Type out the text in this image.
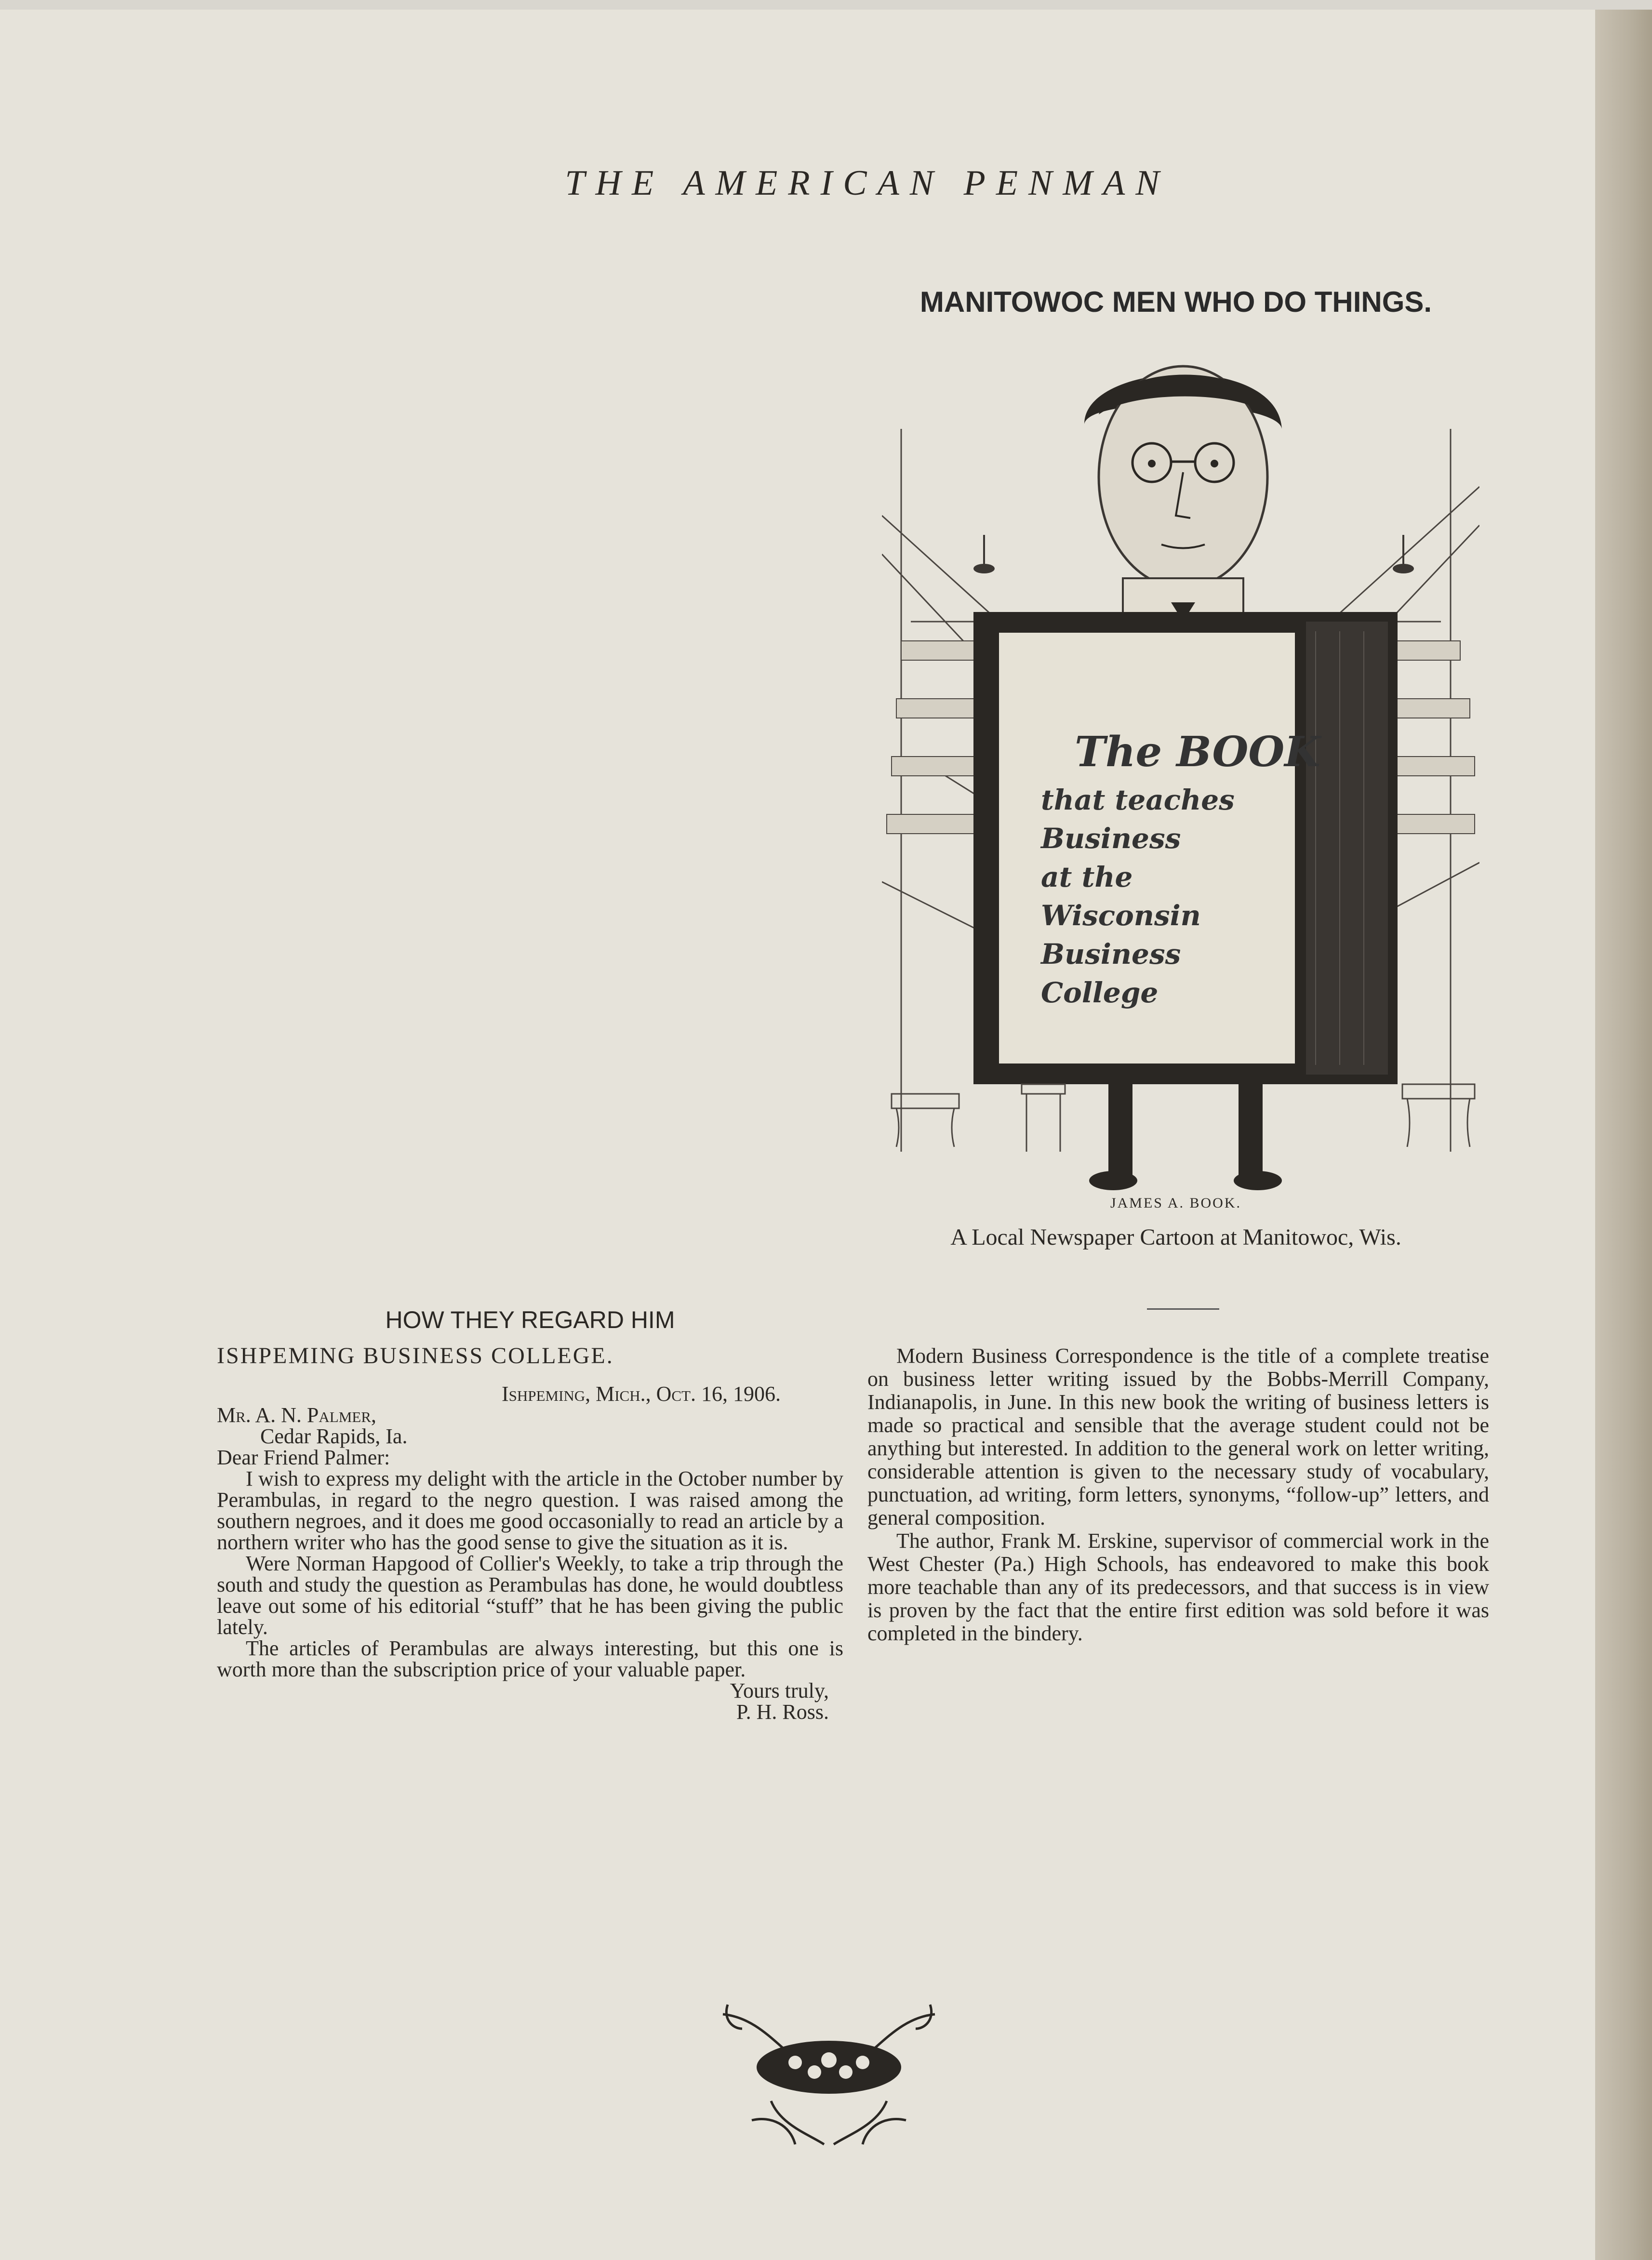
THE AMERICAN PENMAN

HOW THEY REGARD HIM
ISHPEMING BUSINESS COLLEGE.

Ishpeming, Mich., Oct. 16, 1906.

Mr. A. N. Palmer,

Cedar Rapids, Ia.

Dear Friend Palmer:

I wish to express my delight with the article in the October number by Perambulas, in regard to the negro question. I was raised among the southern negroes, and it does me good occasonially to read an article by a northern writer who has the good sense to give the situation as it is.

Were Norman Hapgood of Collier's Weekly, to take a trip through the south and study the question as Perambulas has done, he would doubtless leave out some of his editorial “stuff” that he has been giving the public lately.

The articles of Perambulas are always interesting, but this one is worth more than the subscription price of your valuable paper.

Yours truly,

P. H. Ross.

MANITOWOC MEN WHO DO THINGS.
The BOOK
that teaches
Business
at the
Wisconsin
Business
College
JAMES A. BOOK.
A Local Newspaper Cartoon at Manitowoc, Wis.

Modern Business Correspondence is the title of a complete treatise on business letter writing issued by the Bobbs-Merrill Company, Indianapolis, in June. In this new book the writing of business letters is made so practical and sensible that the average student could not be anything but interested. In addition to the general work on letter writing, considerable attention is given to the necessary study of vocabulary, punctuation, ad writing, form letters, synonyms, “follow-up” letters, and general composition.

The author, Frank M. Erskine, supervisor of commercial work in the West Chester (Pa.) High Schools, has endeavored to make this book more teachable than any of its predecessors, and that success is in view is proven by the fact that the entire first edition was sold before it was completed in the bindery.
